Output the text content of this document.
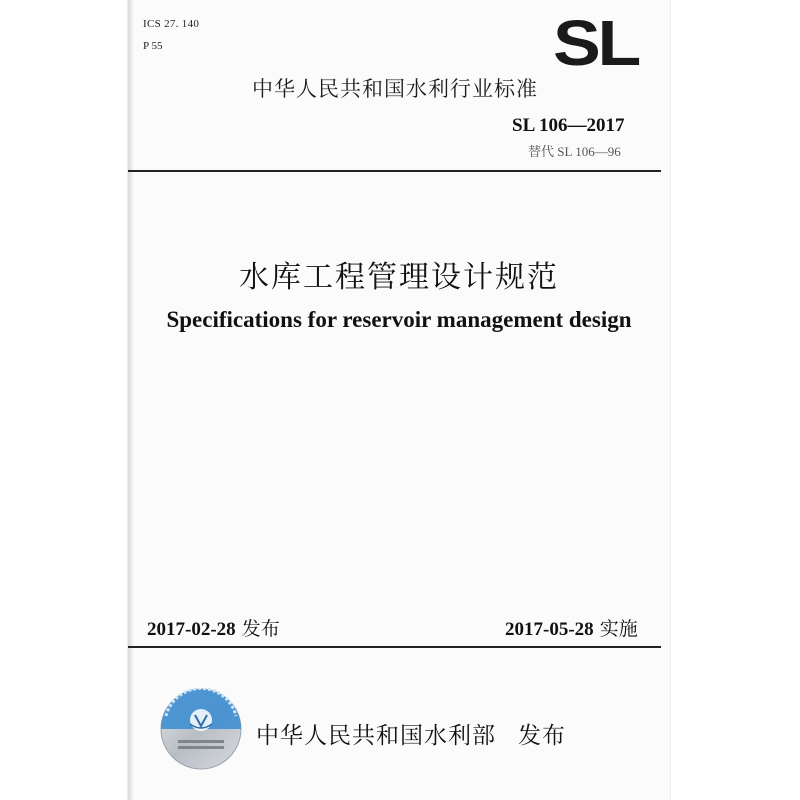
ICS 27. 140
P 55	SL
中华人民共和国水利行业标准
SL 106—2017
替代 SL 106—96
水库工程管理设计规范
Specifications for reservoir management design
2017-02-28 发布	2017-05-28 实施
中华人民共和国水利部 发布
